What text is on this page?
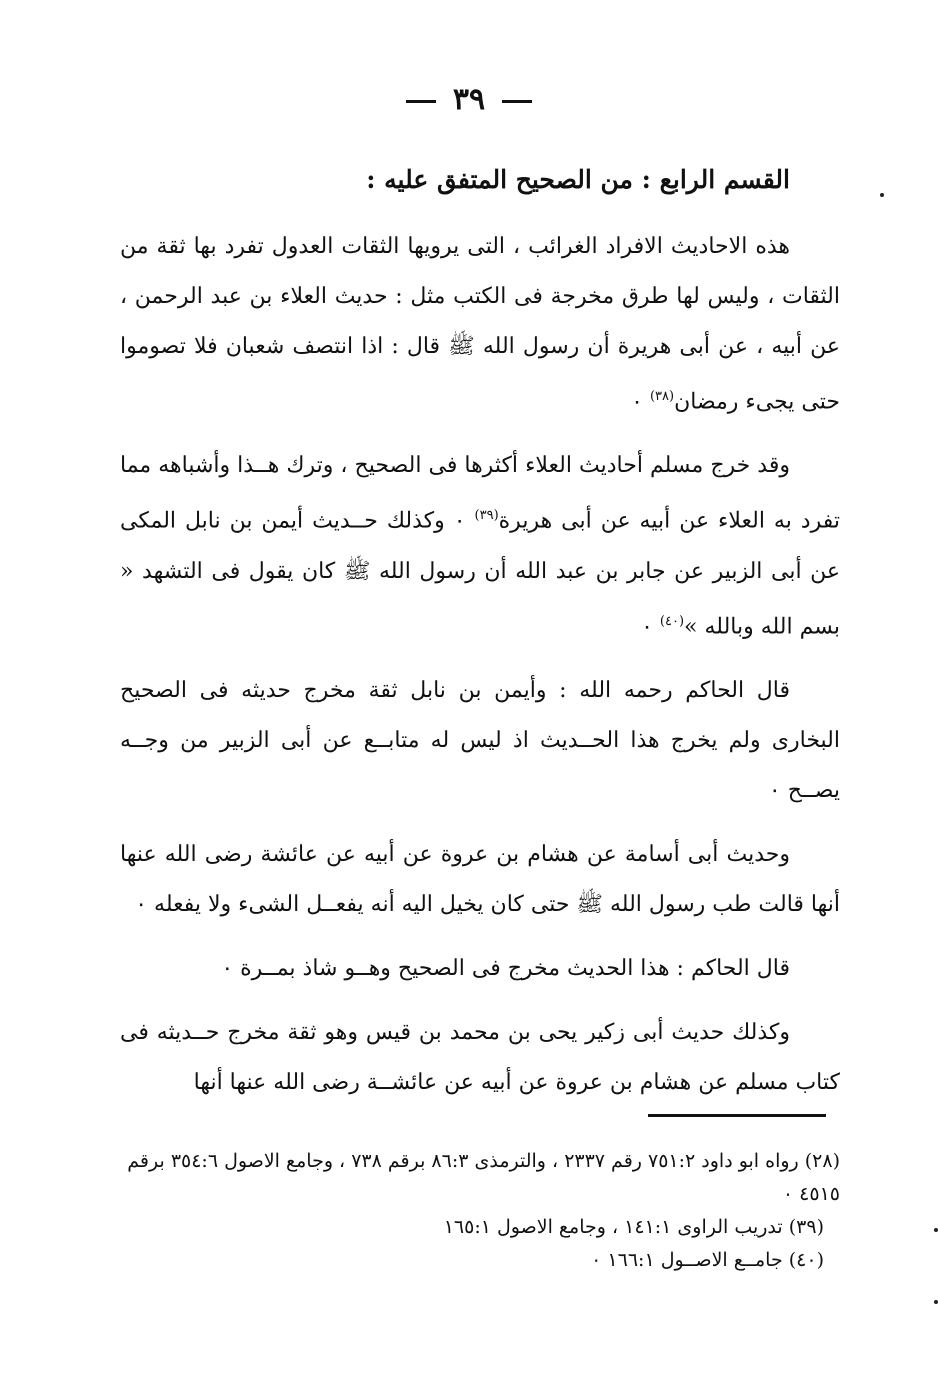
٣٩
القسم الرابع : من الصحيح المتفق عليه :

هذه الاحاديث الافراد الغرائب ، التى يرويها الثقات العدول تفرد بها ثقة من الثقات ، وليس لها طرق مخرجة فى الكتب مثل : حديث العلاء بن عبد الرحمن ، عن أبيه ، عن أبى هريرة أن رسول الله ﷺ قال : اذا انتصف شعبان فلا تصوموا حتى يجىء رمضان$^{(٣٨)}$ ٠

وقد خرج مسلم أحاديث العلاء أكثرها فى الصحيح ، وترك هــذا وأشباهه مما تفرد به العلاء عن أبيه عن أبى هريرة$^{(٣٩)}$ ٠ وكذلك حــديث أيمن بن نابل المكى عن أبى الزبير عن جابر بن عبد الله أن رسول الله ﷺ كان يقول فى التشهد « بسم الله وبالله »$^{(٤٠)}$ ٠

قال الحاكم رحمه الله : وأيمن بن نابل ثقة مخرج حديثه فى الصحيح البخارى ولم يخرج هذا الحــديث اذ ليس له متابــع عن أبى الزبير من وجــه يصــح ٠

وحديث أبى أسامة عن هشام بن عروة عن أبيه عن عائشة رضى الله عنها أنها قالت طب رسول الله ﷺ حتى كان يخيل اليه أنه يفعــل الشىء ولا يفعله ٠

قال الحاكم : هذا الحديث مخرج فى الصحيح وهــو شاذ بمــرة ٠

وكذلك حديث أبى زكير يحى بن محمد بن قيس وهو ثقة مخرج حــديثه فى كتاب مسلم عن هشام بن عروة عن أبيه عن عائشــة رضى الله عنها أنها

(٢٨) رواه ابو داود ٧٥١:٢ رقم ٢٣٣٧ ، والترمذى ٨٦:٣ برقم ٧٣٨ ، وجامع الاصول ٣٥٤:٦ برقم ٤٥١٥ ٠

(٣٩) تدريب الراوى ١٤١:١ ، وجامع الاصول ١٦٥:١

(٤٠) جامــع الاصــول ١٦٦:١ ٠
